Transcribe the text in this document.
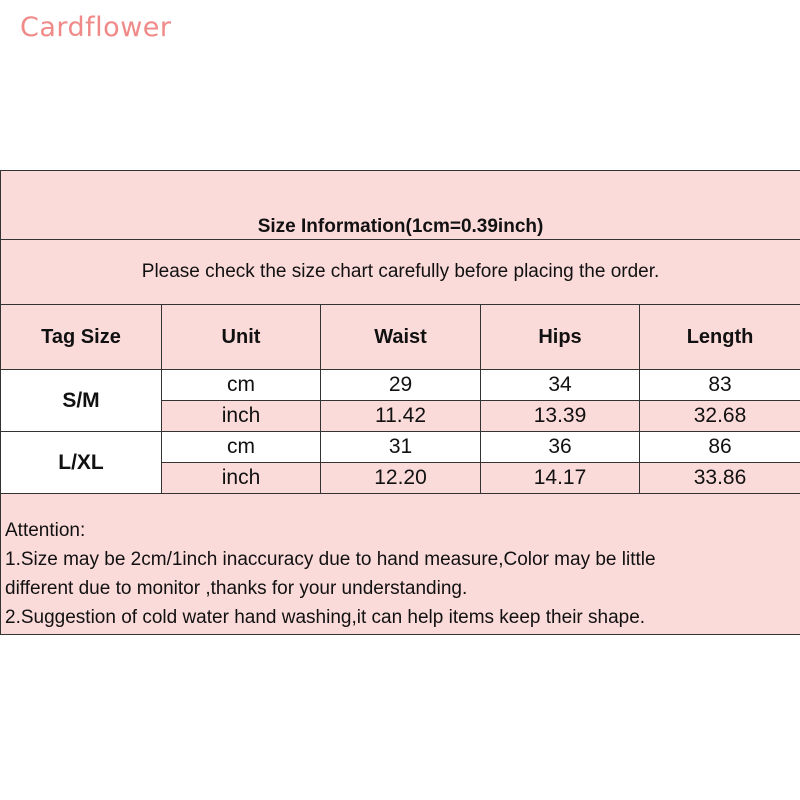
Cardflower
Size Information(1cm=0.39inch)				
Please check the size chart carefully before placing the order.				
Tag Size	Unit	Waist	Hips	Length
S/M	cm	29	34	83
	inch	11.42	13.39	32.68
L/XL	cm	31	36	86
	inch	12.20	14.17	33.86

Attention:
1.Size may be 2cm/1inch inaccuracy due to hand measure,Color may be little
different due to monitor ,thanks for your understanding.
2.Suggestion of cold water hand washing,it can help items keep their shape.				
